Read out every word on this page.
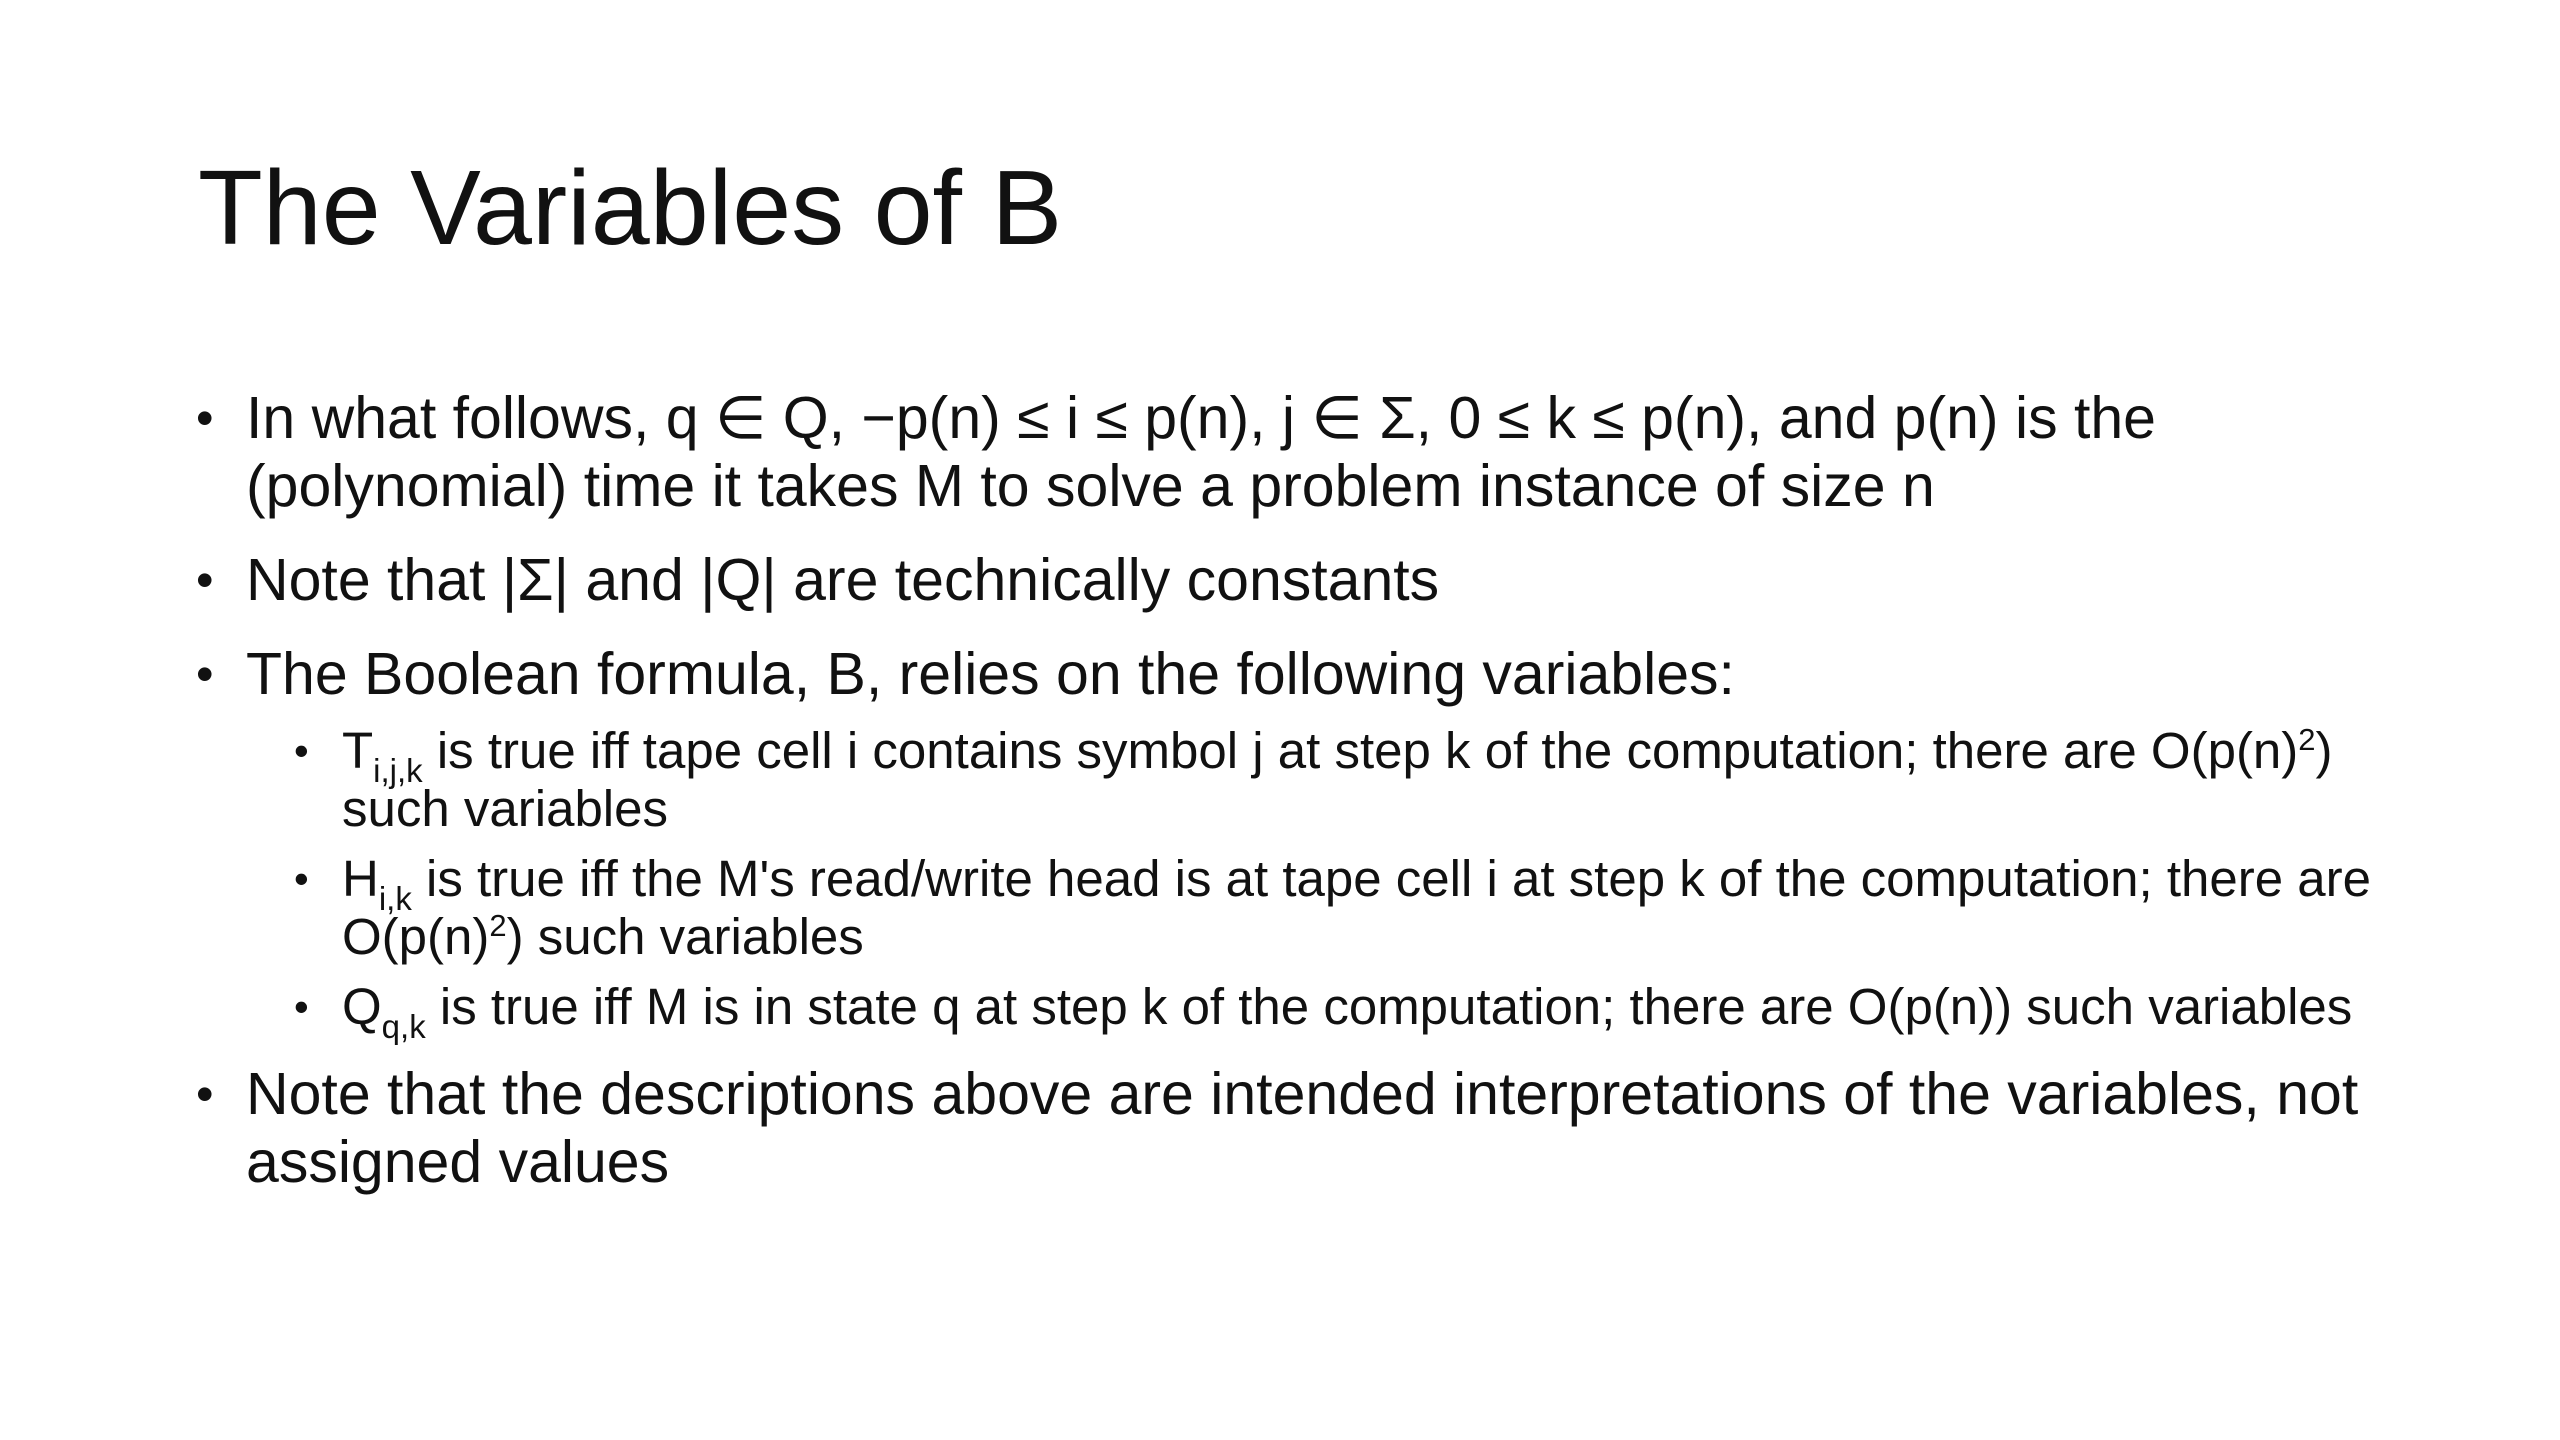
The Variables of B
• In what follows, q ∈ Q, −p(n) ≤ i ≤ p(n), j ∈ Σ, 0 ≤ k ≤ p(n), and p(n) is the (polynomial) time it takes M to solve a problem instance of size n
• Note that |Σ| and |Q| are technically constants
• The Boolean formula, B, relies on the following variables:
• $T_{i,j,k}$ is true iff tape cell i contains symbol j at step k of the computation; there are $O(p(n)^2)$ such variables
• $H_{i,k}$ is true iff the M's read/write head is at tape cell i at step k of the computation; there are $O(p(n)^2)$ such variables
• $Q_{q,k}$ is true iff M is in state q at step k of the computation; there are O(p(n)) such variables
• Note that the descriptions above are intended interpretations of the variables, not assigned values
